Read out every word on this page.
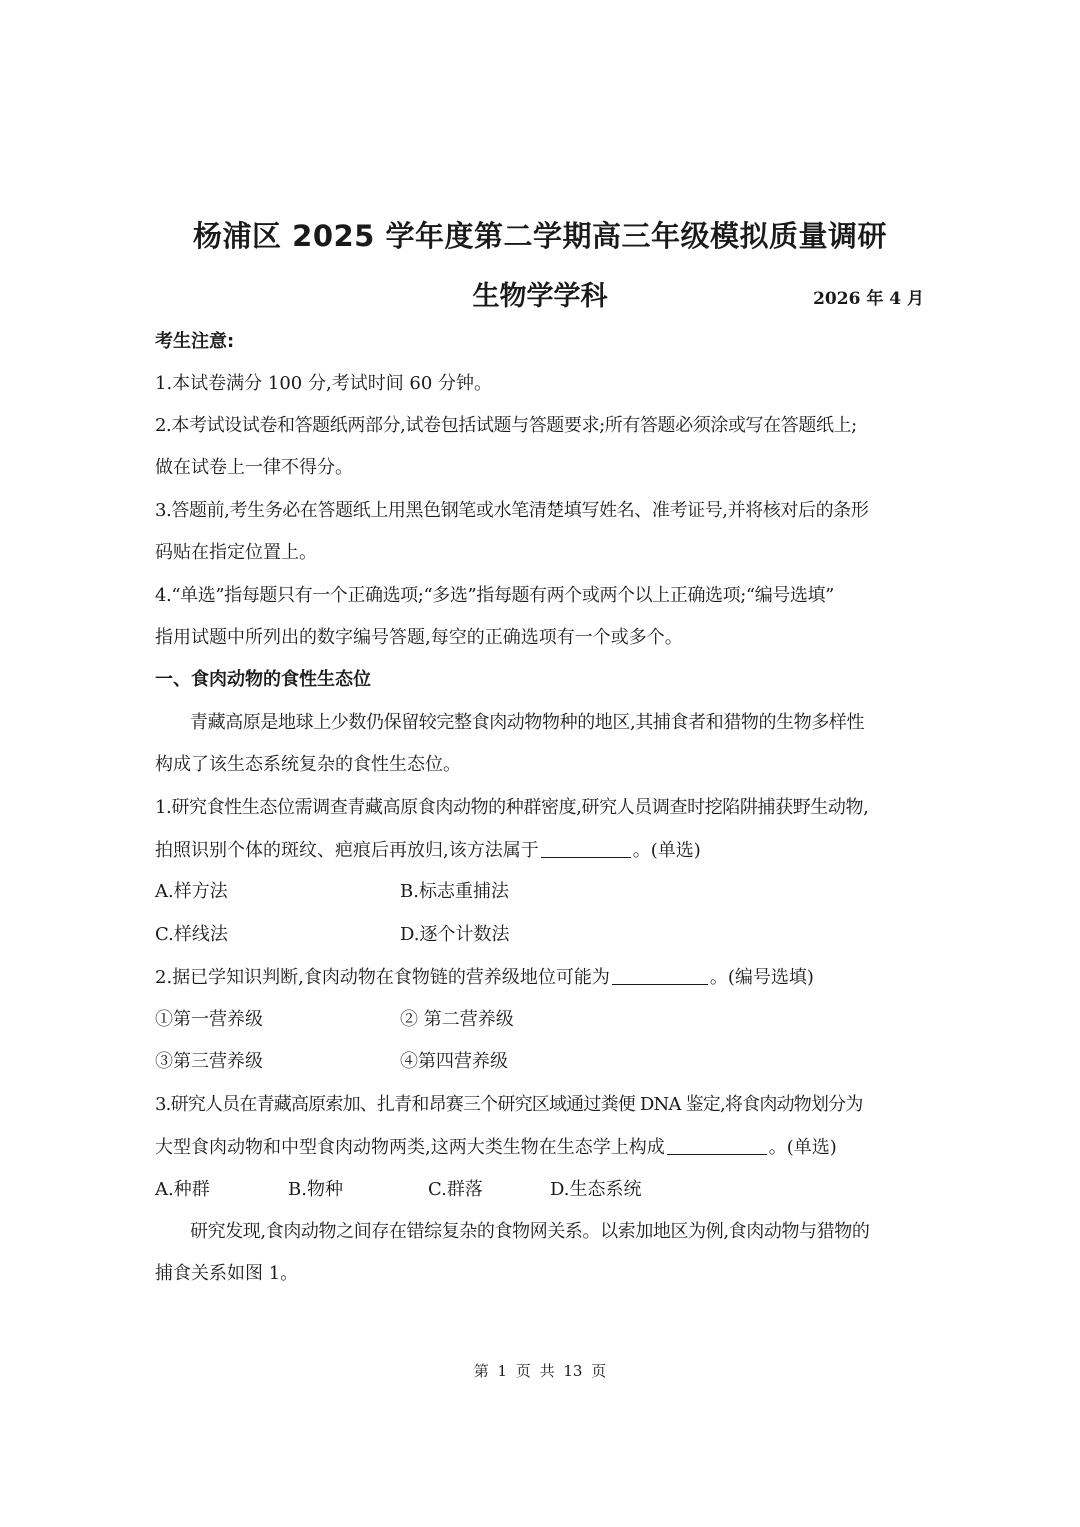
杨浦区 2025 学年度第二学期高三年级模拟质量调研
生物学学科	2026 年 4 月
考生注意:
1.本试卷满分 100 分,考试时间 60 分钟。
2.本考试设试卷和答题纸两部分,试卷包括试题与答题要求;所有答题必须涂或写在答题纸上;
做在试卷上一律不得分。
3.答题前,考生务必在答题纸上用黑色钢笔或水笔清楚填写姓名、准考证号,并将核对后的条形
码贴在指定位置上。
4.“单选”指每题只有一个正确选项;“多选”指每题有两个或两个以上正确选项;“编号选填”
指用试题中所列出的数字编号答题,每空的正确选项有一个或多个。
一、食肉动物的食性生态位
青藏高原是地球上少数仍保留较完整食肉动物物种的地区,其捕食者和猎物的生物多样性
构成了该生态系统复杂的食性生态位。
1.研究食性生态位需调查青藏高原食肉动物的种群密度,研究人员调查时挖陷阱捕获野生动物,
拍照识别个体的斑纹、疤痕后再放归,该方法属于	。(单选)
A.样方法	B.标志重捕法
C.样线法	D.逐个计数法
2.据已学知识判断,食肉动物在食物链的营养级地位可能为	。(编号选填)
①第一营养级	② 第二营养级
③第三营养级	④第四营养级
3.研究人员在青藏高原索加、扎青和昂赛三个研究区域通过粪便 DNA 鉴定,将食肉动物划分为
大型食肉动物和中型食肉动物两类,这两大类生物在生态学上构成	。(单选)
A.种群	B.物种	C.群落	D.生态系统
研究发现,食肉动物之间存在错综复杂的食物网关系。以索加地区为例,食肉动物与猎物的
捕食关系如图 1。
第 1 页 共 13 页
